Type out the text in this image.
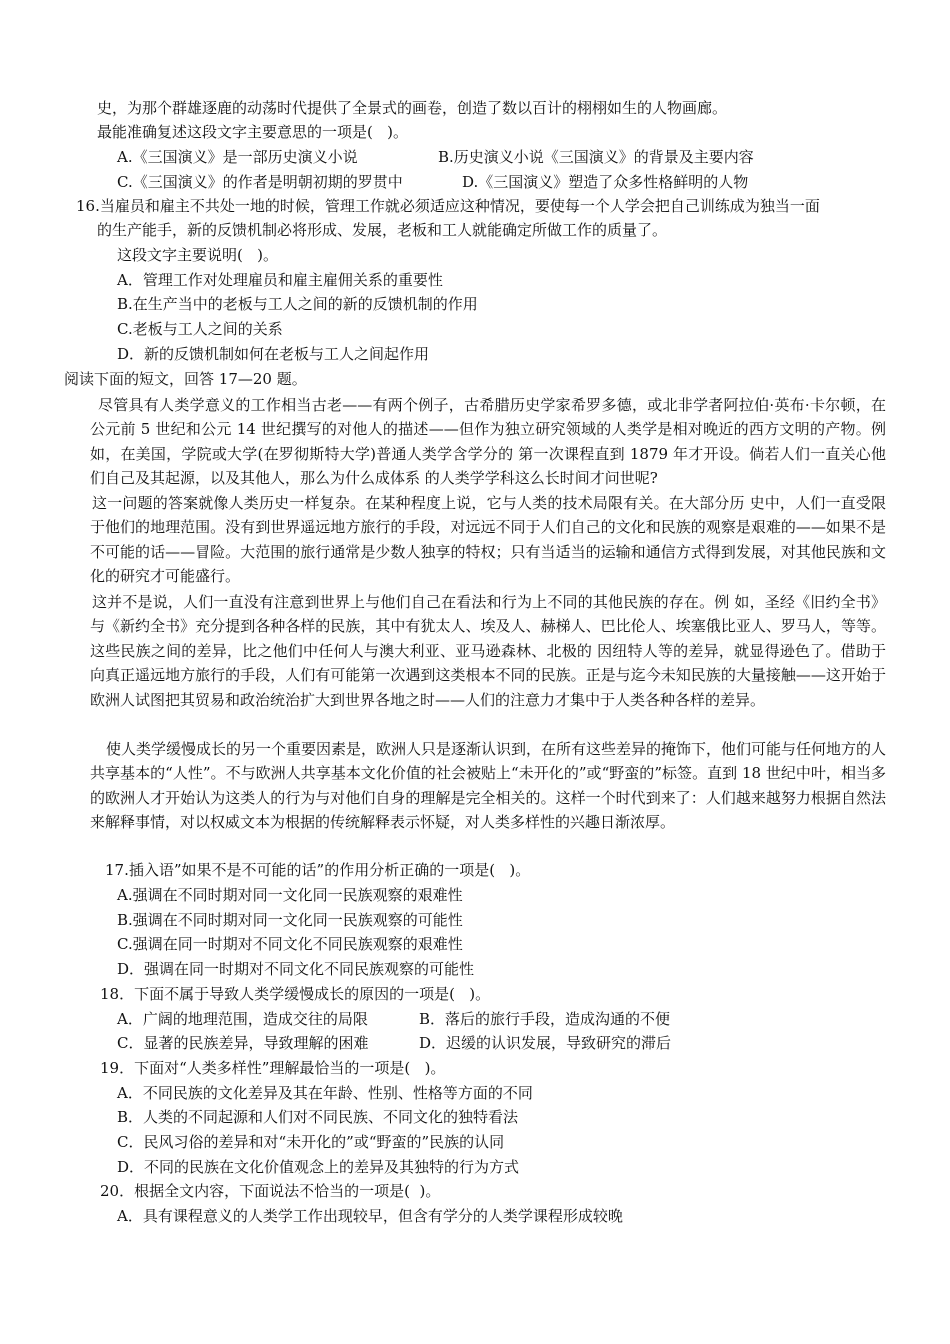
史，为那个群雄逐鹿的动荡时代提供了全景式的画卷，创造了数以百计的栩栩如生的人物画廊。
最能准确复述这段文字主要意思的一项是(   )。
A.《三国演义》是一部历史演义小说	B.历史演义小说《三国演义》的背景及主要内容
C.《三国演义》的作者是明朝初期的罗贯中	D.《三国演义》塑造了众多性格鲜明的人物
16.当雇员和雇主不共处一地的时候，管理工作就必须适应这种情况，要使每一个人学会把自己训练成为独当一面
的生产能手，新的反馈机制必将形成、发展，老板和工人就能确定所做工作的质量了。
这段文字主要说明(   )。
A．管理工作对处理雇员和雇主雇佣关系的重要性
B.在生产当中的老板与工人之间的新的反馈机制的作用
C.老板与工人之间的关系
D．新的反馈机制如何在老板与工人之间起作用
阅读下面的短文，回答 17—20 题。
尽管具有人类学意义的工作相当古老——有两个例子，古希腊历史学家希罗多德，或北非学者阿拉伯·英布·卡尔顿，在公元前 5 世纪和公元 14 世纪撰写的对他人的描述——但作为独立研究领域的人类学是相对晚近的西方文明的产物。例如，在美国，学院或大学(在罗彻斯特大学)普通人类学含学分的 第一次课程直到 1879 年才开设。倘若人们一直关心他们自己及其起源，以及其他人，那么为什么成体系 的人类学学科这么长时间才问世呢?
这一问题的答案就像人类历史一样复杂。在某种程度上说，它与人类的技术局限有关。在大部分历 史中，人们一直受限于他们的地理范围。没有到世界遥远地方旅行的手段，对远远不同于人们自己的文化和民族的观察是艰难的——如果不是不可能的话——冒险。大范围的旅行通常是少数人独享的特权；只有当适当的运输和通信方式得到发展，对其他民族和文化的研究才可能盛行。
这并不是说，人们一直没有注意到世界上与他们自己在看法和行为上不同的其他民族的存在。例 如，圣经《旧约全书》与《新约全书》充分提到各种各样的民族，其中有犹太人、埃及人、赫梯人、巴比伦人、埃塞俄比亚人、罗马人，等等。这些民族之间的差异，比之他们中任何人与澳大利亚、亚马逊森林、北极的 因纽特人等的差异，就显得逊色了。借助于向真正遥远地方旅行的手段，人们有可能第一次遇到这类根本不同的民族。正是与迄今未知民族的大量接触——这开始于欧洲人试图把其贸易和政治统治扩大到世界各地之时——人们的注意力才集中于人类各种各样的差异。
使人类学缓慢成长的另一个重要因素是，欧洲人只是逐渐认识到，在所有这些差异的掩饰下，他们可能与任何地方的人共享基本的“人性”。不与欧洲人共享基本文化价值的社会被贴上“未开化的”或“野蛮的”标签。直到 18 世纪中叶，相当多的欧洲人才开始认为这类人的行为与对他们自身的理解是完全相关的。这样一个时代到来了：人们越来越努力根据自然法来解释事情，对以权威文本为根据的传统解释表示怀疑，对人类多样性的兴趣日渐浓厚。
17.插入语”如果不是不可能的话”的作用分析正确的一项是(   )。
A.强调在不同时期对同一文化同一民族观察的艰难性
B.强调在不同时期对同一文化同一民族观察的可能性
C.强调在同一时期对不同文化不同民族观察的艰难性
D．强调在同一时期对不同文化不同民族观察的可能性
18．下面不属于导致人类学缓慢成长的原因的一项是(   )。
A．广阔的地理范围，造成交往的局限	B．落后的旅行手段，造成沟通的不便
C．显著的民族差异，导致理解的困难	D．迟缓的认识发展，导致研究的滞后
19．下面对“人类多样性”理解最恰当的一项是(   )。
A．不同民族的文化差异及其在年龄、性别、性格等方面的不同
B．人类的不同起源和人们对不同民族、不同文化的独特看法
C．民风习俗的差异和对“未开化的”或“野蛮的”民族的认同
D．不同的民族在文化价值观念上的差异及其独特的行为方式
20．根据全文内容，下面说法不恰当的一项是(  )。
A．具有课程意义的人类学工作出现较早，但含有学分的人类学课程形成较晚
